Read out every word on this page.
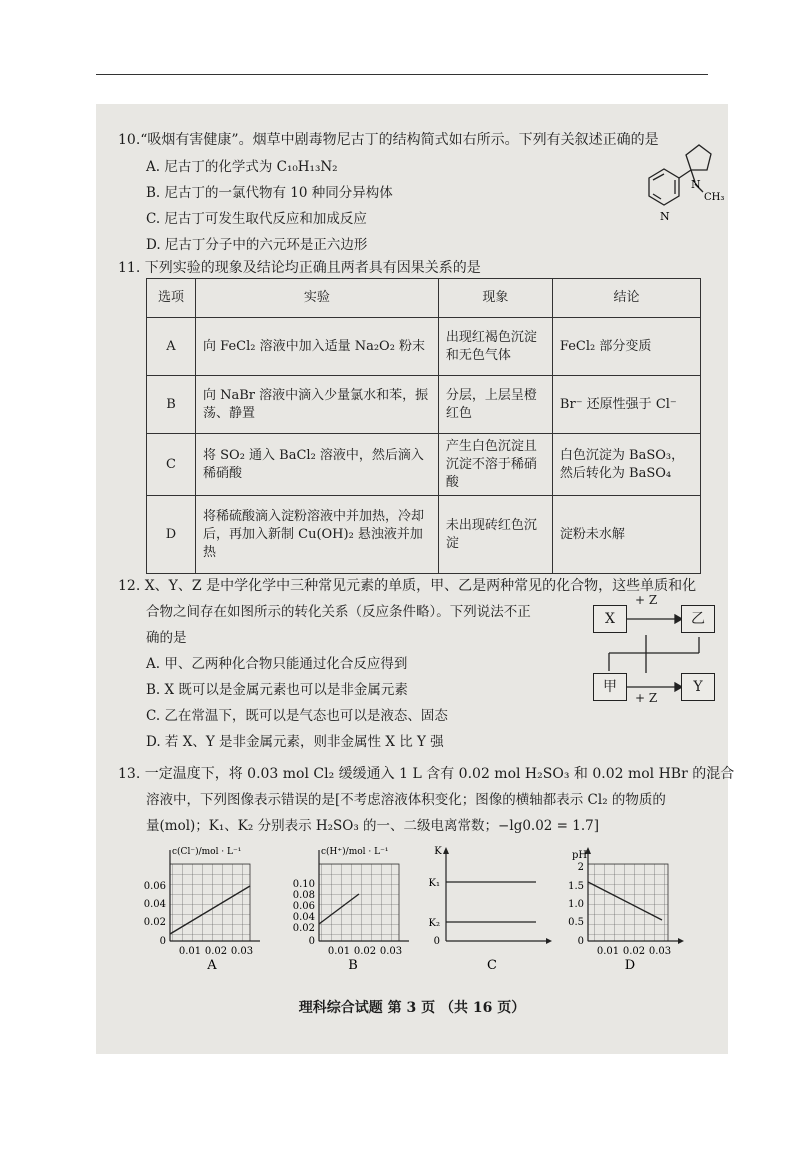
10.“吸烟有害健康”。烟草中剧毒物尼古丁的结构简式如右所示。下列有关叙述正确的是
A. 尼古丁的化学式为 C₁₀H₁₃N₂
B. 尼古丁的一氯代物有 10 种同分异构体
C. 尼古丁可发生取代反应和加成反应
D. 尼古丁分子中的六元环是正六边形
N
N
CH₃
11. 下列实验的现象及结论均正确且两者具有因果关系的是
选项	实验	现象	结论
A	向 FeCl₂ 溶液中加入适量 Na₂O₂ 粉末	出现红褐色沉淀和无色气体	FeCl₂ 部分变质
B	向 NaBr 溶液中滴入少量氯水和苯，振荡、静置	分层，上层呈橙红色	Br⁻ 还原性强于 Cl⁻
C	将 SO₂ 通入 BaCl₂ 溶液中，然后滴入稀硝酸	产生白色沉淀且沉淀不溶于稀硝酸	白色沉淀为 BaSO₃，然后转化为 BaSO₄
D	将稀硫酸滴入淀粉溶液中并加热，冷却后，再加入新制 Cu(OH)₂ 悬浊液并加热	未出现砖红色沉淀	淀粉未水解
12. X、Y、Z 是中学化学中三种常见元素的单质，甲、乙是两种常见的化合物，这些单质和化
合物之间存在如图所示的转化关系（反应条件略）。下列说法不正
确的是
A. 甲、乙两种化合物只能通过化合反应得到
B. X 既可以是金属元素也可以是非金属元素
C. 乙在常温下，既可以是气态也可以是液态、固态
D. 若 X、Y 是非金属元素，则非金属性 X 比 Y 强
X	乙
甲	Y
+ Z
+ Z
13. 一定温度下，将 0.03 mol Cl₂ 缓缓通入 1 L 含有 0.02 mol H₂SO₃ 和 0.02 mol HBr 的混合
溶液中，下列图像表示错误的是[不考虑溶液体积变化；图像的横轴都表示 Cl₂ 的物质的
量(mol)；K₁、K₂ 分别表示 H₂SO₃ 的一、二级电离常数；−lg0.02 = 1.7]
c(Cl⁻)/mol · L⁻¹
0.06
0.04
0.02
0
0.01 0.02 0.03
A
c(H⁺)/mol · L⁻¹
0.10
0.08
0.06
0.04
0.02
0
0.01 0.02 0.03
B
K
K₁
K₂
0
C
pH
2
1.5
1.0
0.5
0
0.01 0.02 0.03
D
理科综合试题 第 3 页 （共 16 页）
